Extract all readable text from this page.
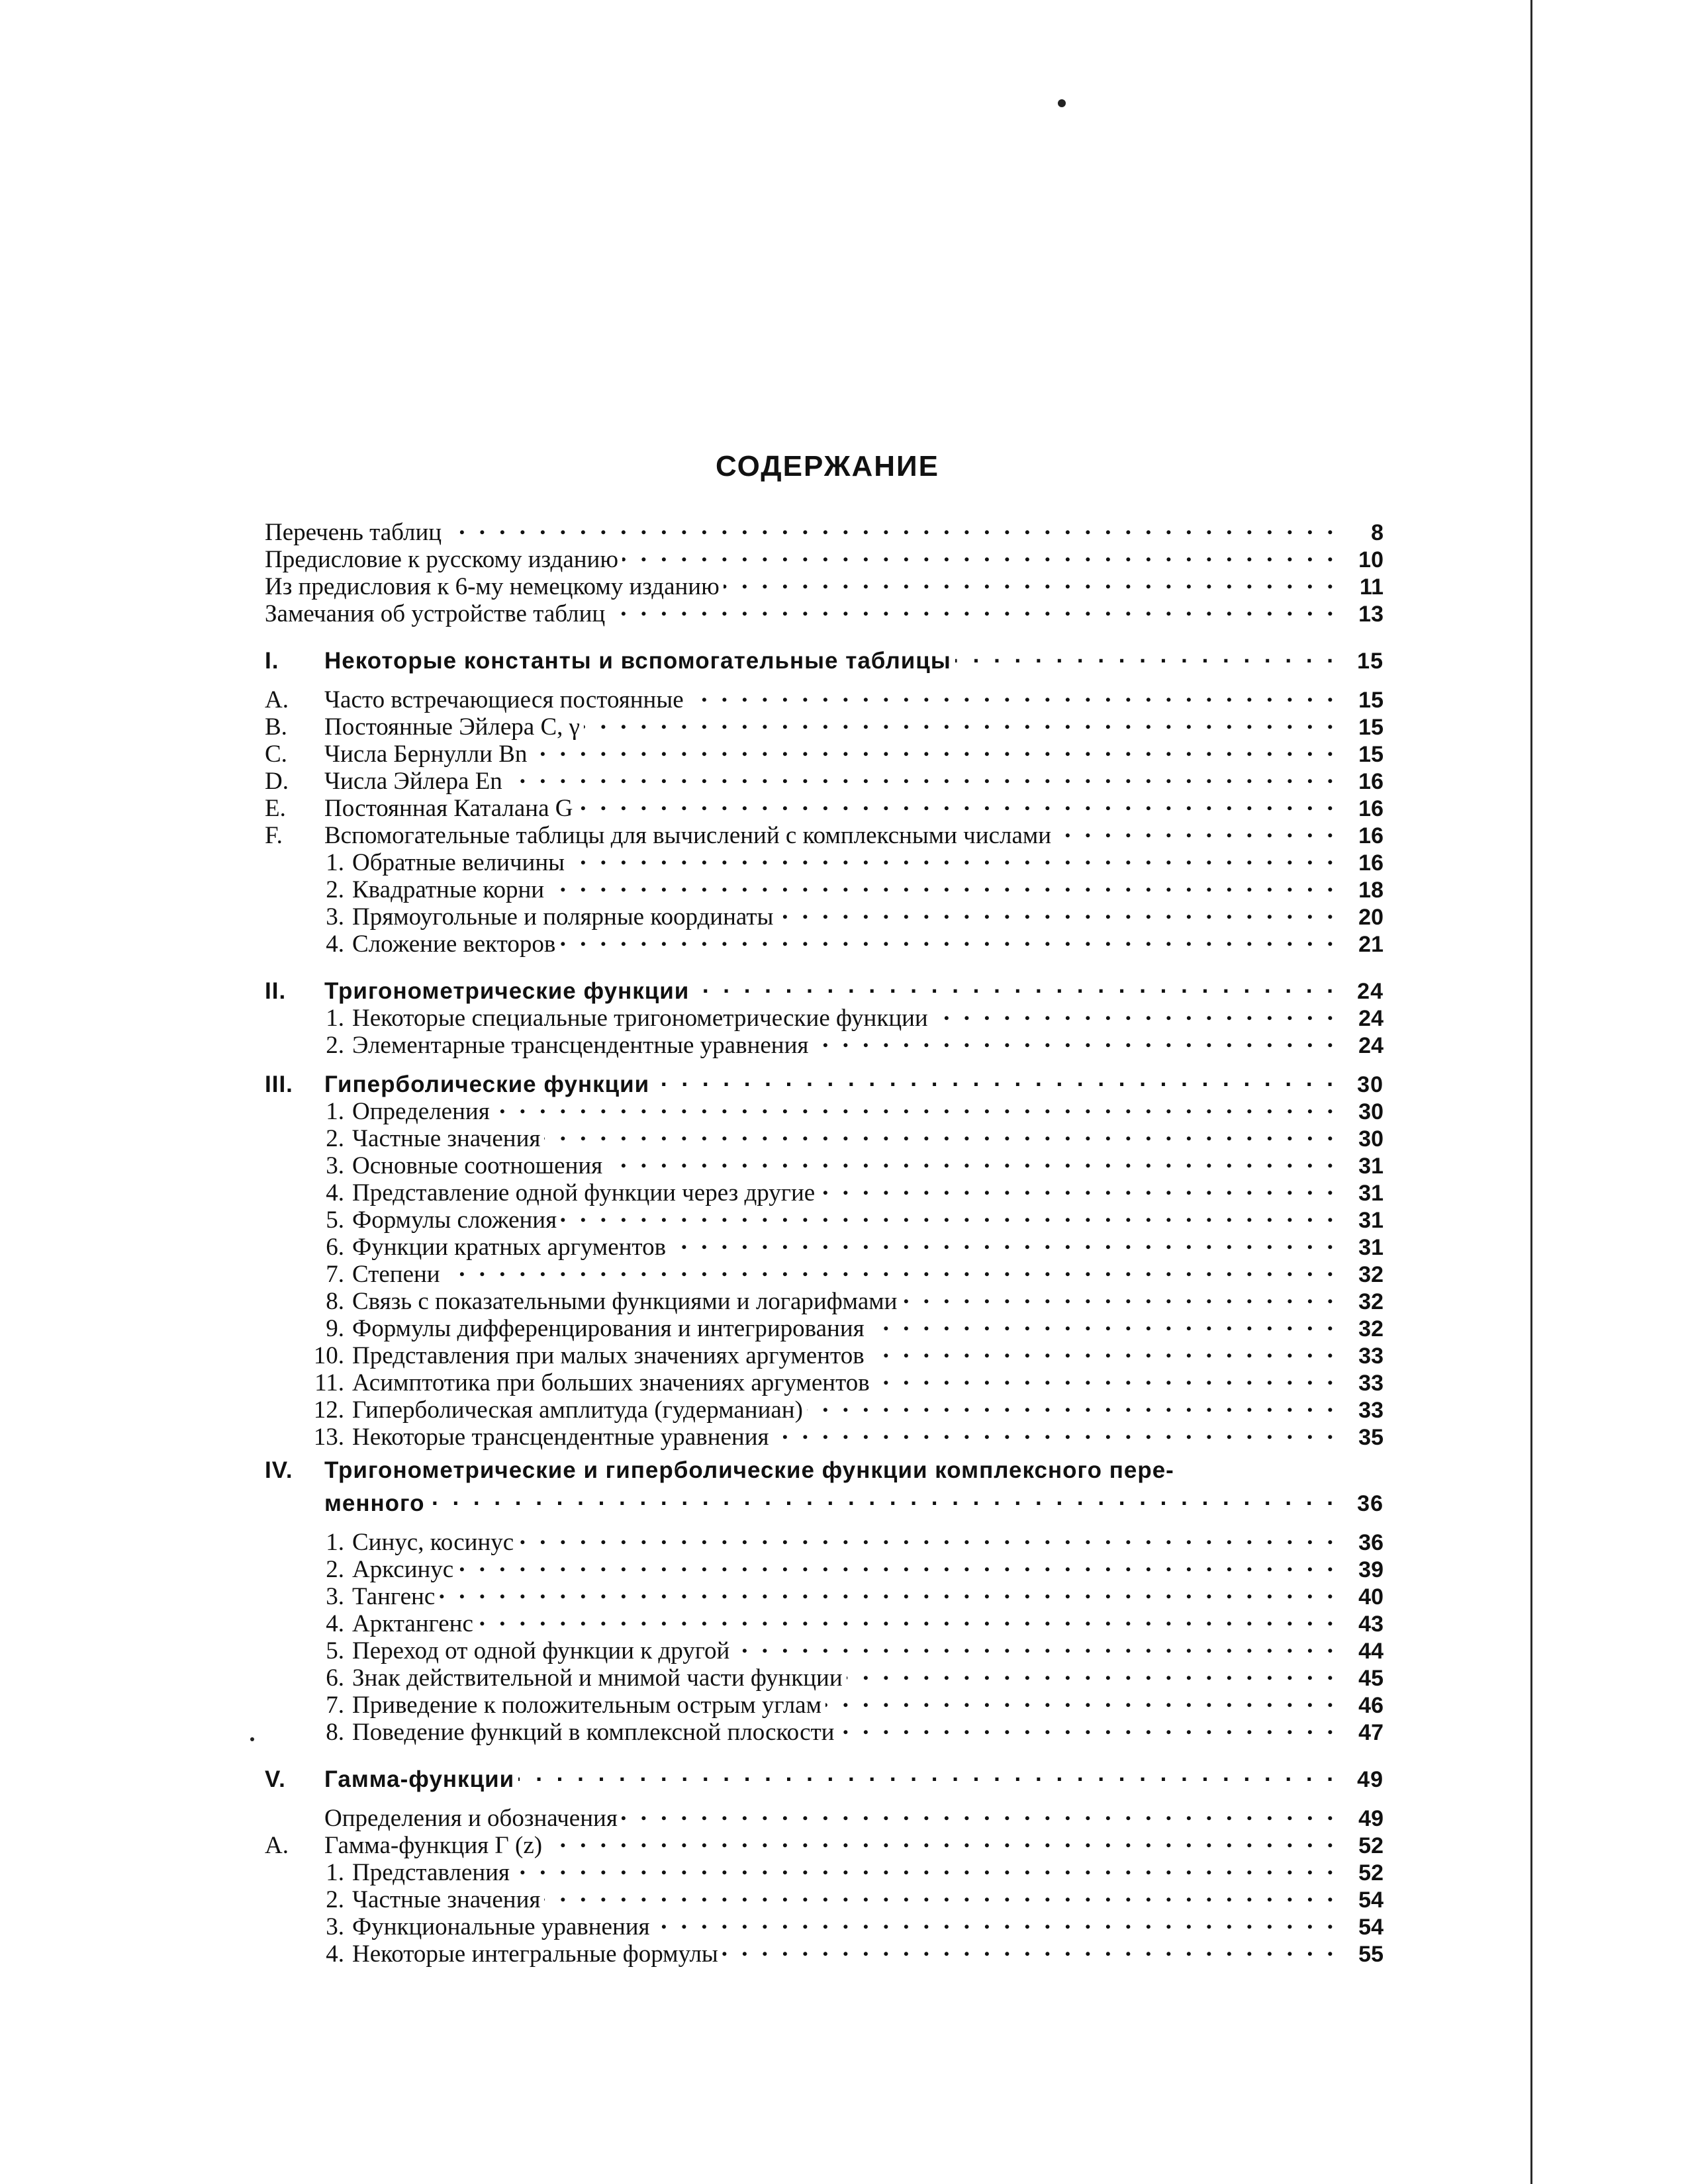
СОДЕРЖАНИЕ
Перечень таблиц . . .	8
Предисловие к русскому изданию . . .	10
Из предисловия к 6-му немецкому изданию . . .	11
Замечания об устройстве таблиц . . .	13
I.	Некоторые константы и вспомогательные таблицы . . .	15
A.	Часто встречающиеся постоянные . . .	15
B.	Постоянные Эйлера C, γ . . .	15
C.	Числа Бернулли Bn . . .	15
D.	Числа Эйлера En . . .	16
E.	Постоянная Каталана G . . .	16
F.	Вспомогательные таблицы для вычислений с комплексными числами . . .	16
1. Обратные величины . . .	16
2. Квадратные корни . . .	18
3. Прямоугольные и полярные координаты . . .	20
4. Сложение векторов . . .	21
II.	Тригонометрические функции . . .	24
1. Некоторые специальные тригонометрические функции . . .	24
2. Элементарные трансцендентные уравнения . . .	24
III.	Гиперболические функции . . .	30
1. Определения . . .	30
2. Частные значения . . .	30
3. Основные соотношения . . .	31
4. Представление одной функции через другие . . .	31
5. Формулы сложения . . .	31
6. Функции кратных аргументов . . .	31
7. Степени . . .	32
8. Связь с показательными функциями и логарифмами . . .	32
9. Формулы дифференцирования и интегрирования . . .	32
10. Представления при малых значениях аргументов . . .	33
11. Асимптотика при больших значениях аргументов . . .	33
12. Гиперболическая амплитуда (гудерманиан) . . .	33
13. Некоторые трансцендентные уравнения . . .	35
IV.	Тригонометрические и гиперболические функции комплексного пере-
менного . . .	36
1. Синус, косинус . . .	36
2. Арксинус . . .	39
3. Тангенс . . .	40
4. Арктангенс . . .	43
5. Переход от одной функции к другой . . .	44
6. Знак действительной и мнимой части функции . . .	45
7. Приведение к положительным острым углам . . .	46
8. Поведение функций в комплексной плоскости . . .	47
V.	Гамма-функции . . .	49
Определения и обозначения . . .	49
A.	Гамма-функция Γ (z) . . .	52
1. Представления . . .	52
2. Частные значения . . .	54
3. Функциональные уравнения . . .	54
4. Некоторые интегральные формулы . . .	55
